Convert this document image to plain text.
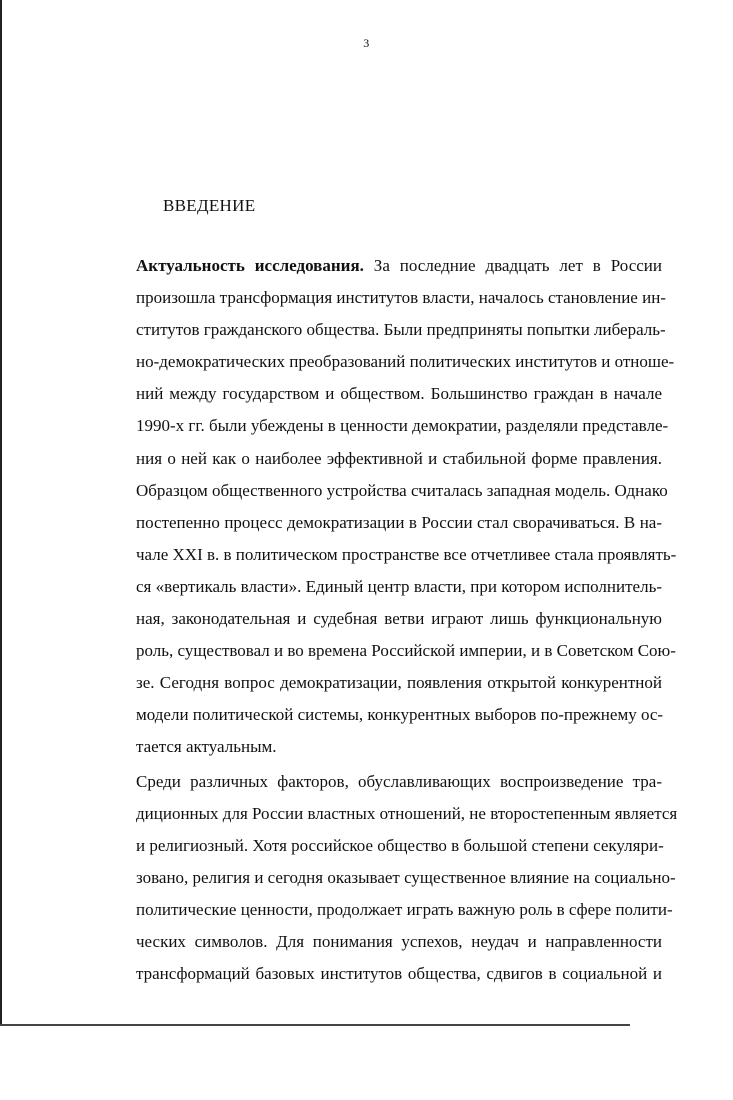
3
ВВЕДЕНИЕ
Актуальность исследования. За последние двадцать лет в России
произошла трансформация институтов власти, началось становление ин-
ститутов гражданского общества. Были предприняты попытки либераль-
но-демократических преобразований политических институтов и отноше-
ний между государством и обществом. Большинство граждан в начале
1990-х гг. были убеждены в ценности демократии, разделяли представле-
ния о ней как о наиболее эффективной и стабильной форме правления.
Образцом общественного устройства считалась западная модель. Однако
постепенно процесс демократизации в России стал сворачиваться. В на-
чале XXI в. в политическом пространстве все отчетливее стала проявлять-
ся «вертикаль власти». Единый центр власти, при котором исполнитель-
ная, законодательная и судебная ветви играют лишь функциональную
роль, существовал и во времена Российской империи, и в Советском Сою-
зе. Сегодня вопрос демократизации, появления открытой конкурентной
модели политической системы, конкурентных выборов по-прежнему ос-
тается актуальным.
Среди различных факторов, обуславливающих воспроизведение тра-
диционных для России властных отношений, не второстепенным является
и религиозный. Хотя российское общество в большой степени секуляри-
зовано, религия и сегодня оказывает существенное влияние на социально-
политические ценности, продолжает играть важную роль в сфере полити-
ческих символов. Для понимания успехов, неудач и направленности
трансформаций базовых институтов общества, сдвигов в социальной и
